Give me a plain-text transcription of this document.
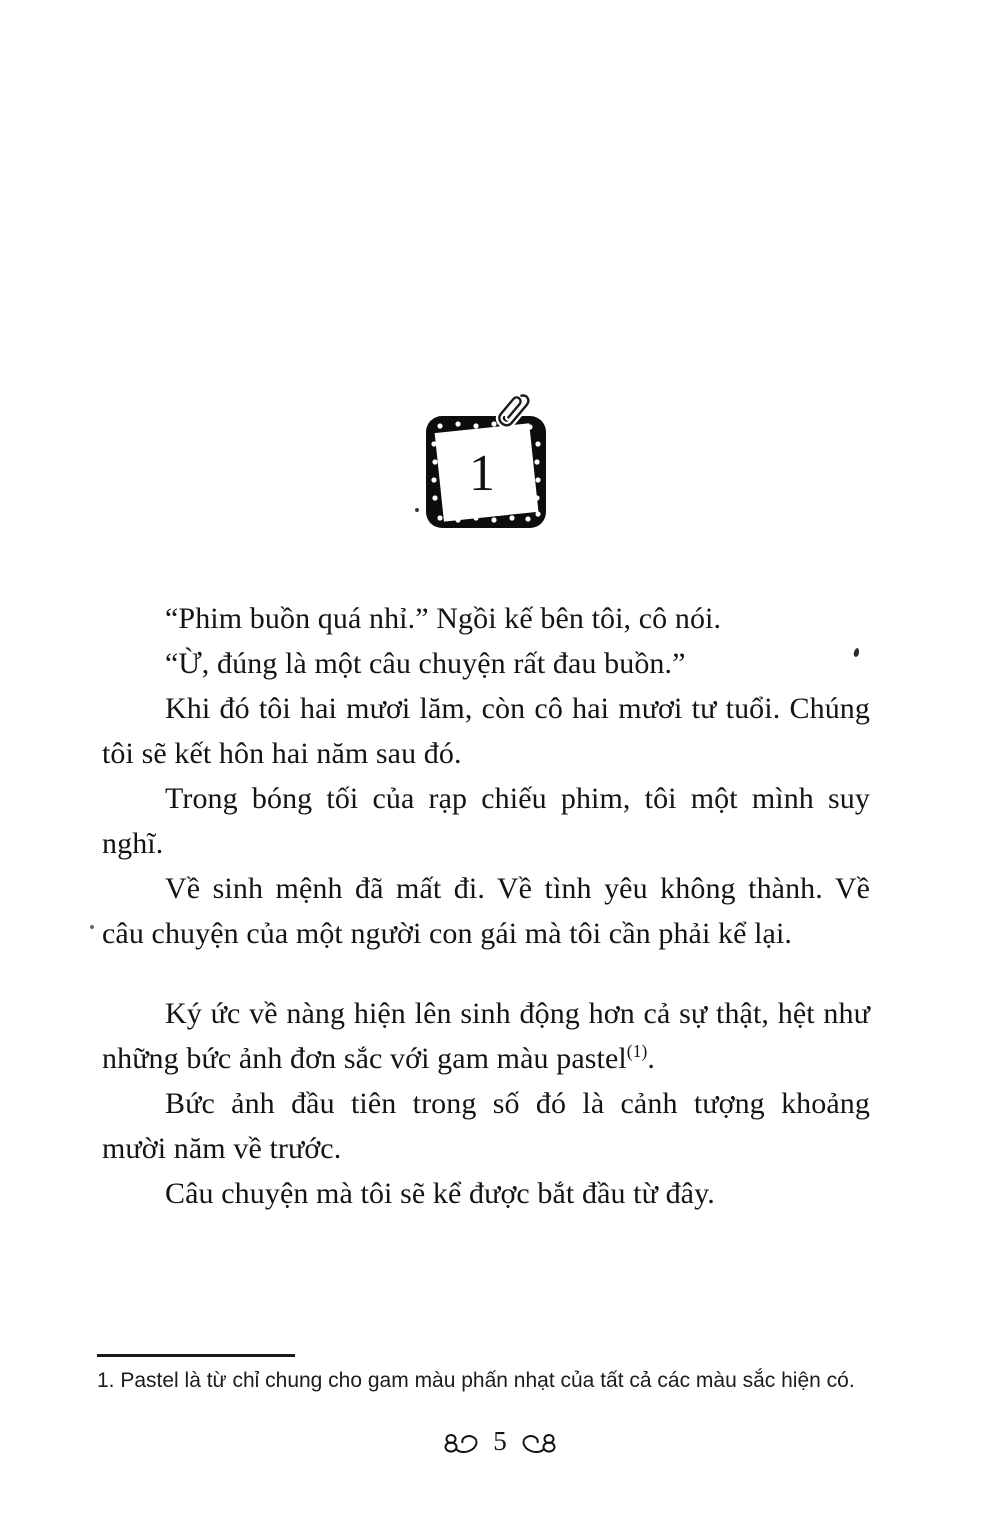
1
“Phim buồn quá nhỉ.” Ngồi kế bên tôi, cô nói.
“Ừ, đúng là một câu chuyện rất đau buồn.”
Khi đó tôi hai mươi lăm, còn cô hai mươi tư tuổi. Chúng
tôi sẽ kết hôn hai năm sau đó.
Trong bóng tối của rạp chiếu phim, tôi một mình suy
nghĩ.
Về sinh mệnh đã mất đi. Về tình yêu không thành. Về
câu chuyện của một người con gái mà tôi cần phải kể lại.
Ký ức về nàng hiện lên sinh động hơn cả sự thật, hệt như
những bức ảnh đơn sắc với gam màu pastel$^{(1)}$.
Bức ảnh đầu tiên trong số đó là cảnh tượng khoảng
mười năm về trước.
Câu chuyện mà tôi sẽ kể được bắt đầu từ đây.
1. Pastel là từ chỉ chung cho gam màu phấn nhạt của tất cả các màu sắc hiện có.
5
